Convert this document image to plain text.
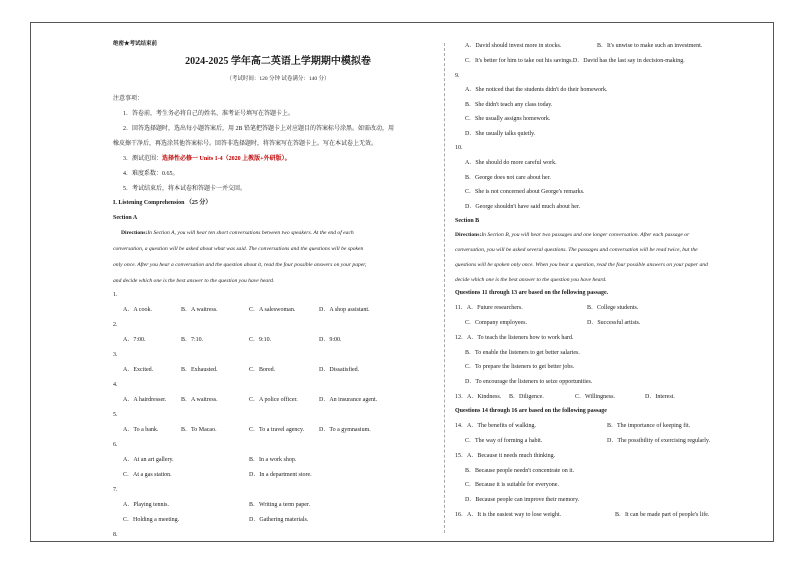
绝密★考试结束前
2024-2025 学年高二英语上学期期中模拟卷
（考试时间：120 分钟 试卷满分：140 分）
注意事项：
1．答卷前，考生务必将自己的姓名、准考证号填写在答题卡上。
2．回答选择题时，选出每小题答案后，用 2B 铅笔把答题卡上对应题目的答案标号涂黑。如需改动，用
橡皮擦干净后，再选涂其他答案标号。回答非选择题时，将答案写在答题卡上。写在本试卷上无效。
3．测试范围： 选择性必修一 Units 1-4（2020 上教版+外研版）。
4．难度系数：0.65。
5．考试结束后，将本试卷和答题卡一并交回。
I. Listening Comprehension （25 分）
Section A
Directions: In Section A, you will hear ten short conversations between two speakers. At the end of each
conversation, a question will be asked about what was said. The conversations and the questions will be spoken
only once. After you hear a conversation and the question about it, read the four possible answers on your paper,
and decide which one is the best answer to the question you have heard.
1.
A．A cook.	B．A waitress.	C．A saleswoman.	D．A shop assistant.
2.
A．7:00.	B．7:10.	C．9:10.	D．9:00.
3.
A．Excited.	B．Exhausted.	C．Bored.	D．Dissatisfied.
4.
A．A hairdresser.	B．A waitress.	C．A police officer.	D．An insurance agent.
5.
A．To a bank.	B．To Macao.	C．To a travel agency.	D．To a gymnasium.
6.
A．At an art gallery.	B．In a work shop.
C．At a gas station.	D．In a department store.
7.
A．Playing tennis.	B．Writing a term paper.
C．Holding a meeting.	D．Gathering materials.
8.
A．David should invest more in stocks.	B．It's unwise to make such an investment.
C．It's better for him to take out his savings.D．David has the last say in decision-making.
9.
A．She noticed that the students didn't do their homework.
B．She didn't teach any class today.
C．She usually assigns homework.
D．She usually talks quietly.
10.
A．She should do more careful work.
B．George does not care about her.
C．She is not concerned about George's remarks.
D．George shouldn't have said much about her.
Section B
Directions: In Section B, you will hear two passages and one longer conversation. After each passage or
conversation, you will be asked several questions. The passages and conversation will be read twice, but the
questions will be spoken only once. When you hear a question, read the four possible answers on your paper and
decide which one is the best answer to the question you have heard.
Questions 11 through 13 are based on the following passage.
11．A．Future researchers.	B．College students.
C．Company employees.	D．Successful artists.
12．A．To teach the listeners how to work hard.
B．To enable the listeners to get better salaries.
C．To prepare the listeners to get better jobs.
D．To encourage the listeners to seize opportunities.
13．A．Kindness.	B．Diligence.	C．Willingness.	D．Interest.
Questions 14 through 16 are based on the following passage
14．A．The benefits of walking.	B．The importance of keeping fit.
C．The way of forming a habit.	D．The possibility of exercising regularly.
15．A．Because it needs much thinking.
B．Because people needn't concentrate on it.
C．Because it is suitable for everyone.
D．Because people can improve their memory.
16．A．It is the easiest way to lose weight.	B．It can be made part of people's life.
